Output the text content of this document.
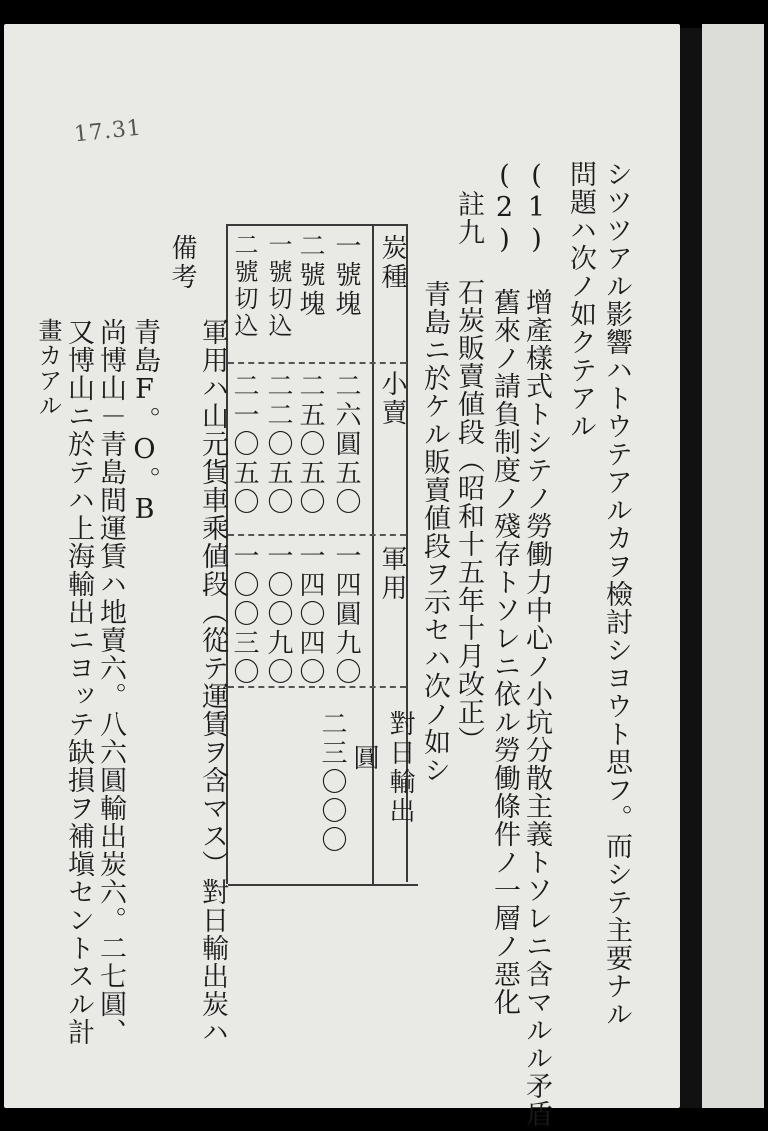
17.31
シツツアル影響ハトウテアルカヲ檢討シヨウト思フ。而シテ主要ナル
問題ハ次ノ如クテアル
(1) 增產樣式トシテノ勞働力中心ノ小坑分散主義トソレニ含マルル矛盾
(2) 舊來ノ請負制度ノ殘存トソレニ依ル勞働條件ノ一層ノ惡化
註九 石炭販賣値段（昭和十五年十月改正）
青島ニ於ケル販賣値段ヲ示セハ次ノ如シ
炭種
小賣
軍用
對日輸出
一號塊
二號塊
一號切込
二號切込
二六圓五〇
二五〇五〇
二二〇五〇
二一〇五〇
一四圓九〇
一四〇四〇
一〇〇九〇
一〇〇三〇
圓
二三〇〇〇
備考
軍用ハ山元貨車乘値段（從テ運賃ヲ含マス）對日輸出炭ハ
青島F。O。B
尚博山－青島間運賃ハ地賣六。八六圓輸出炭六。二七圓、
又博山ニ於テハ上海輸出ニヨッテ缺損ヲ補塡セントスル計
畫カアル
